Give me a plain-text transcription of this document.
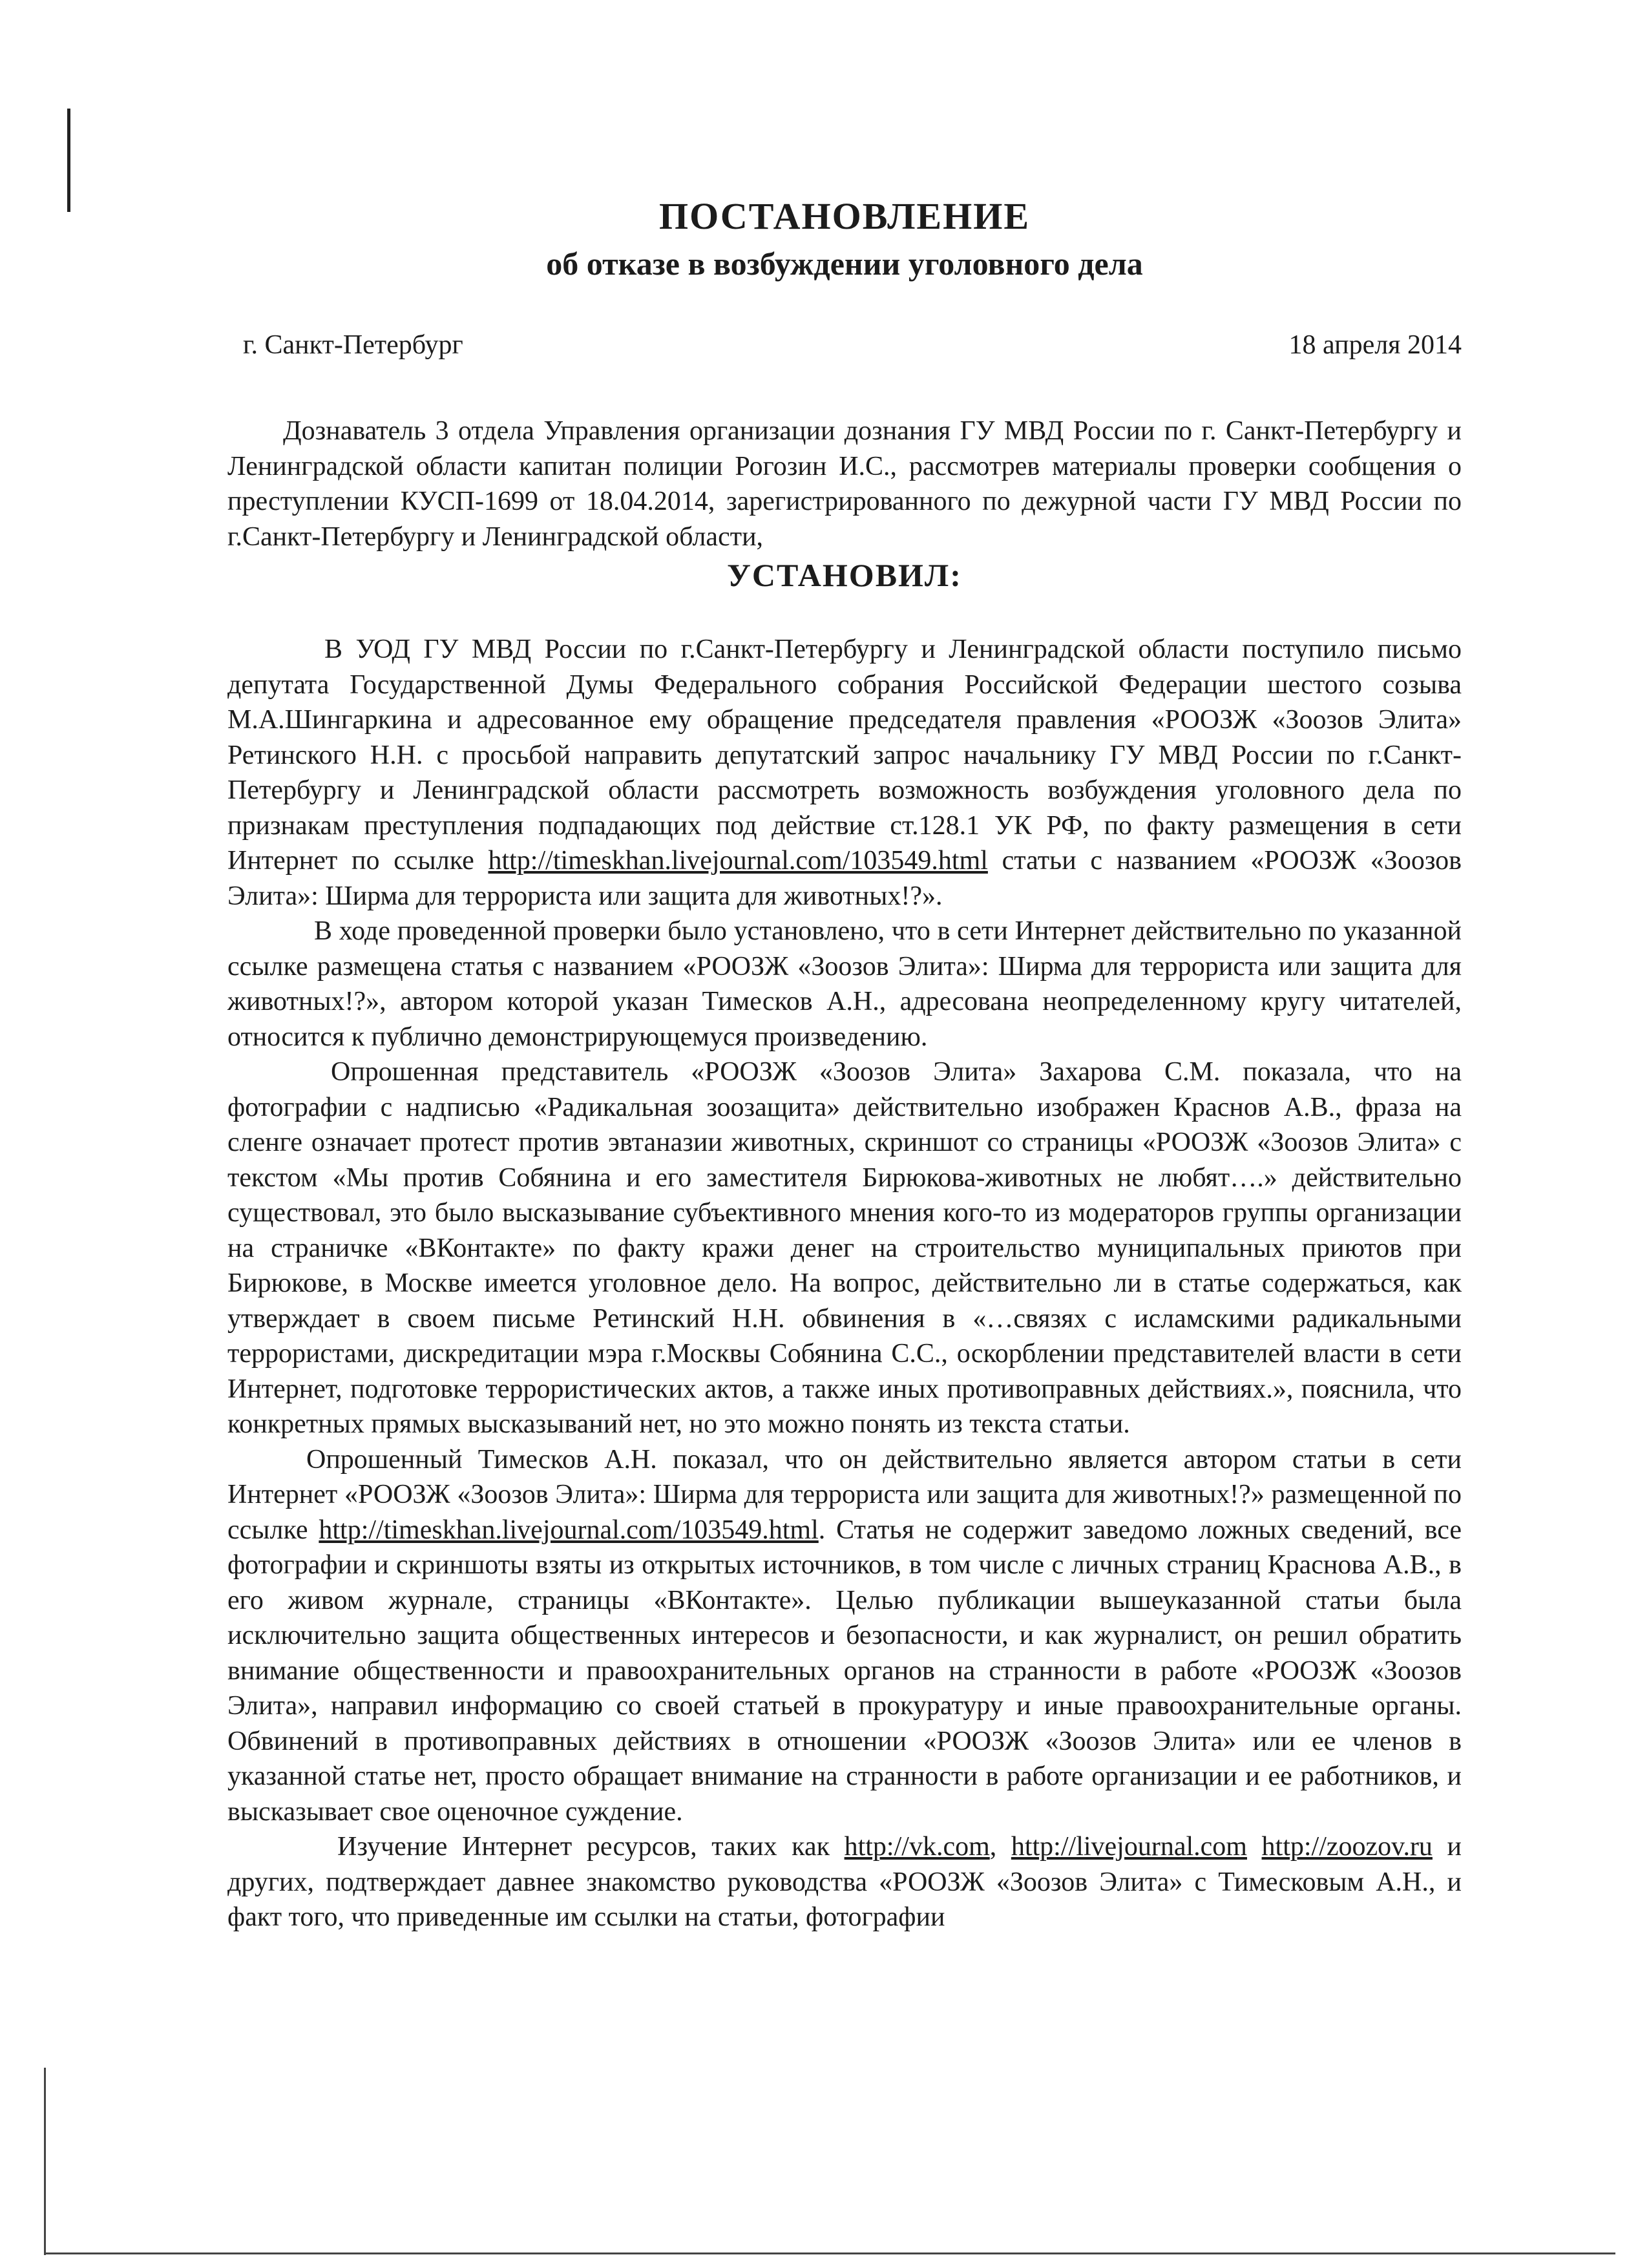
ПОСТАНОВЛЕНИЕ
об отказе в возбуждении уголовного дела
г. Санкт-Петербург	18 апреля 2014

Дознаватель 3 отдела Управления организации дознания ГУ МВД России по г. Санкт-Петербургу и Ленинградской области капитан полиции Рогозин И.С., рассмотрев материалы проверки сообщения о преступлении КУСП-1699 от 18.04.2014, зарегистрированного по дежурной части ГУ МВД России по г.Санкт-Петербургу и Ленинградской области,

УСТАНОВИЛ:

В УОД ГУ МВД России по г.Санкт-Петербургу и Ленинградской области поступило письмо депутата Государственной Думы Федерального собрания Российской Федерации шестого созыва М.А.Шингаркина и адресованное ему обращение председателя правления «РООЗЖ «Зоозов Элита» Ретинского Н.Н. с просьбой направить депутатский запрос начальнику ГУ МВД России по г.Санкт-Петербургу и Ленинградской области рассмотреть возможность возбуждения уголовного дела по признакам преступления подпадающих под действие ст.128.1 УК РФ, по факту размещения в сети Интернет по ссылке http://timeskhan.livejournal.com/103549.html статьи с названием «РООЗЖ «Зоозов Элита»: Ширма для террориста или защита для животных!?».

В ходе проведенной проверки было установлено, что в сети Интернет действительно по указанной ссылке размещена статья с названием «РООЗЖ «Зоозов Элита»: Ширма для террориста или защита для животных!?», автором которой указан Тимесков А.Н., адресована неопределенному кругу читателей, относится к публично демонстрирующемуся произведению.

Опрошенная представитель «РООЗЖ «Зоозов Элита» Захарова С.М. показала, что на фотографии с надписью «Радикальная зоозащита» действительно изображен Краснов А.В., фраза на сленге означает протест против эвтаназии животных, скриншот со страницы «РООЗЖ «Зоозов Элита» с текстом «Мы против Собянина и его заместителя Бирюкова-животных не любят….» действительно существовал, это было высказывание субъективного мнения кого-то из модераторов группы организации на страничке «ВКонтакте» по факту кражи денег на строительство муниципальных приютов при Бирюкове, в Москве имеется уголовное дело. На вопрос, действительно ли в статье содержаться, как утверждает в своем письме Ретинский Н.Н. обвинения в «…связях с исламскими радикальными террористами, дискредитации мэра г.Москвы Собянина С.С., оскорблении представителей власти в сети Интернет, подготовке террористических актов, а также иных противоправных действиях.», пояснила, что конкретных прямых высказываний нет, но это можно понять из текста статьи.

Опрошенный Тимесков А.Н. показал, что он действительно является автором статьи в сети Интернет «РООЗЖ «Зоозов Элита»: Ширма для террориста или защита для животных!?» размещенной по ссылке http://timeskhan.livejournal.com/103549.html. Статья не содержит заведомо ложных сведений, все фотографии и скриншоты взяты из открытых источников, в том числе с личных страниц Краснова А.В., в его живом журнале, страницы «ВКонтакте». Целью публикации вышеуказанной статьи была исключительно защита общественных интересов и безопасности, и как журналист, он решил обратить внимание общественности и правоохранительных органов на странности в работе «РООЗЖ «Зоозов Элита», направил информацию со своей статьей в прокуратуру и иные правоохранительные органы. Обвинений в противоправных действиях в отношении «РООЗЖ «Зоозов Элита» или ее членов в указанной статье нет, просто обращает внимание на странности в работе организации и ее работников, и высказывает свое оценочное суждение.

Изучение Интернет ресурсов, таких как http://vk.com, http://livejournal.com http://zoozov.ru и других, подтверждает давнее знакомство руководства «РООЗЖ «Зоозов Элита» с Тимесковым А.Н., и факт того, что приведенные им ссылки на статьи, фотографии
